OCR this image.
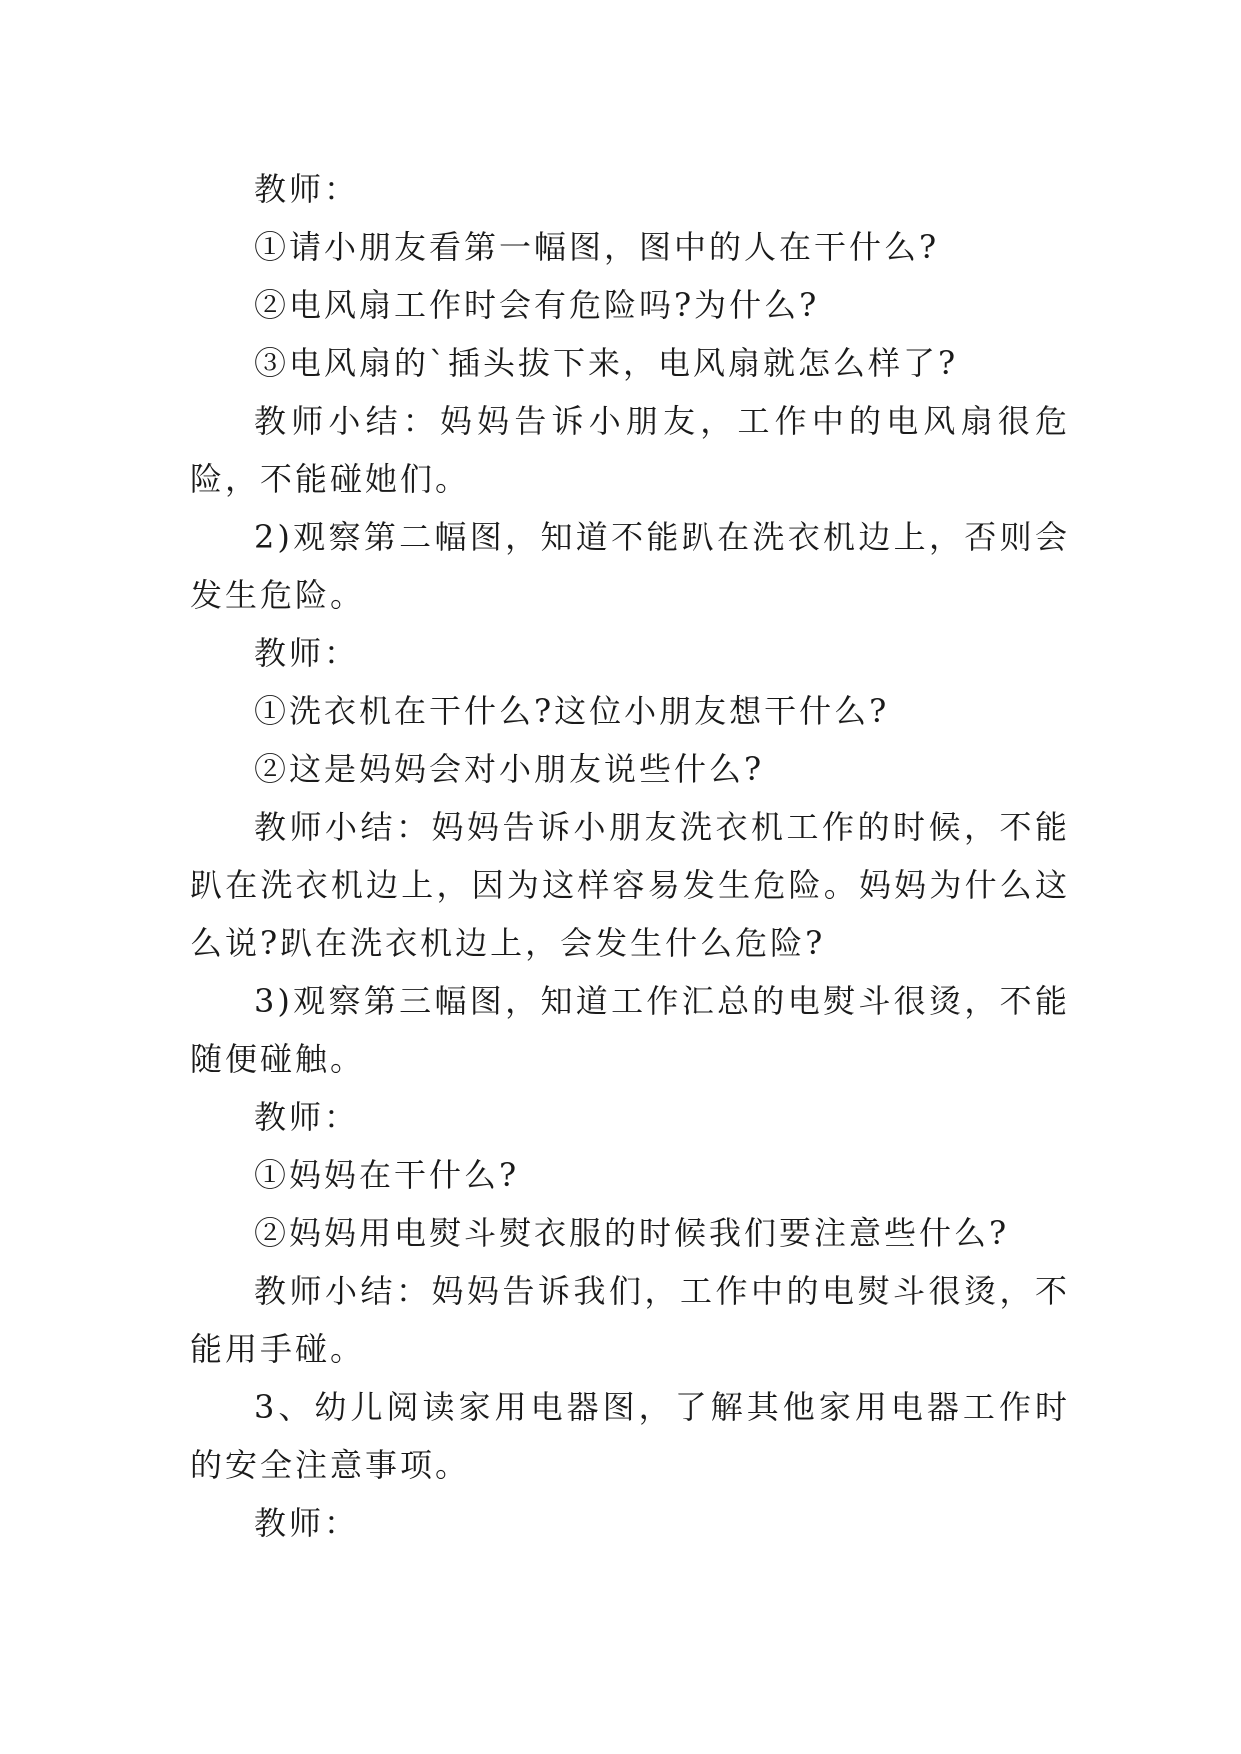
教师：

①请小朋友看第一幅图，图中的人在干什么?

②电风扇工作时会有危险吗?为什么?

③电风扇的`插头拔下来，电风扇就怎么样了?

教师小结：妈妈告诉小朋友，工作中的电风扇很危险，不能碰她们。

2)观察第二幅图，知道不能趴在洗衣机边上，否则会发生危险。

教师：

①洗衣机在干什么?这位小朋友想干什么?

②这是妈妈会对小朋友说些什么?

教师小结：妈妈告诉小朋友洗衣机工作的时候，不能趴在洗衣机边上，因为这样容易发生危险。妈妈为什么这么说?趴在洗衣机边上，会发生什么危险?

3)观察第三幅图，知道工作汇总的电熨斗很烫，不能随便碰触。

教师：

①妈妈在干什么?

②妈妈用电熨斗熨衣服的时候我们要注意些什么?

教师小结：妈妈告诉我们，工作中的电熨斗很烫，不能用手碰。

3、幼儿阅读家用电器图，了解其他家用电器工作时的安全注意事项。

教师：
